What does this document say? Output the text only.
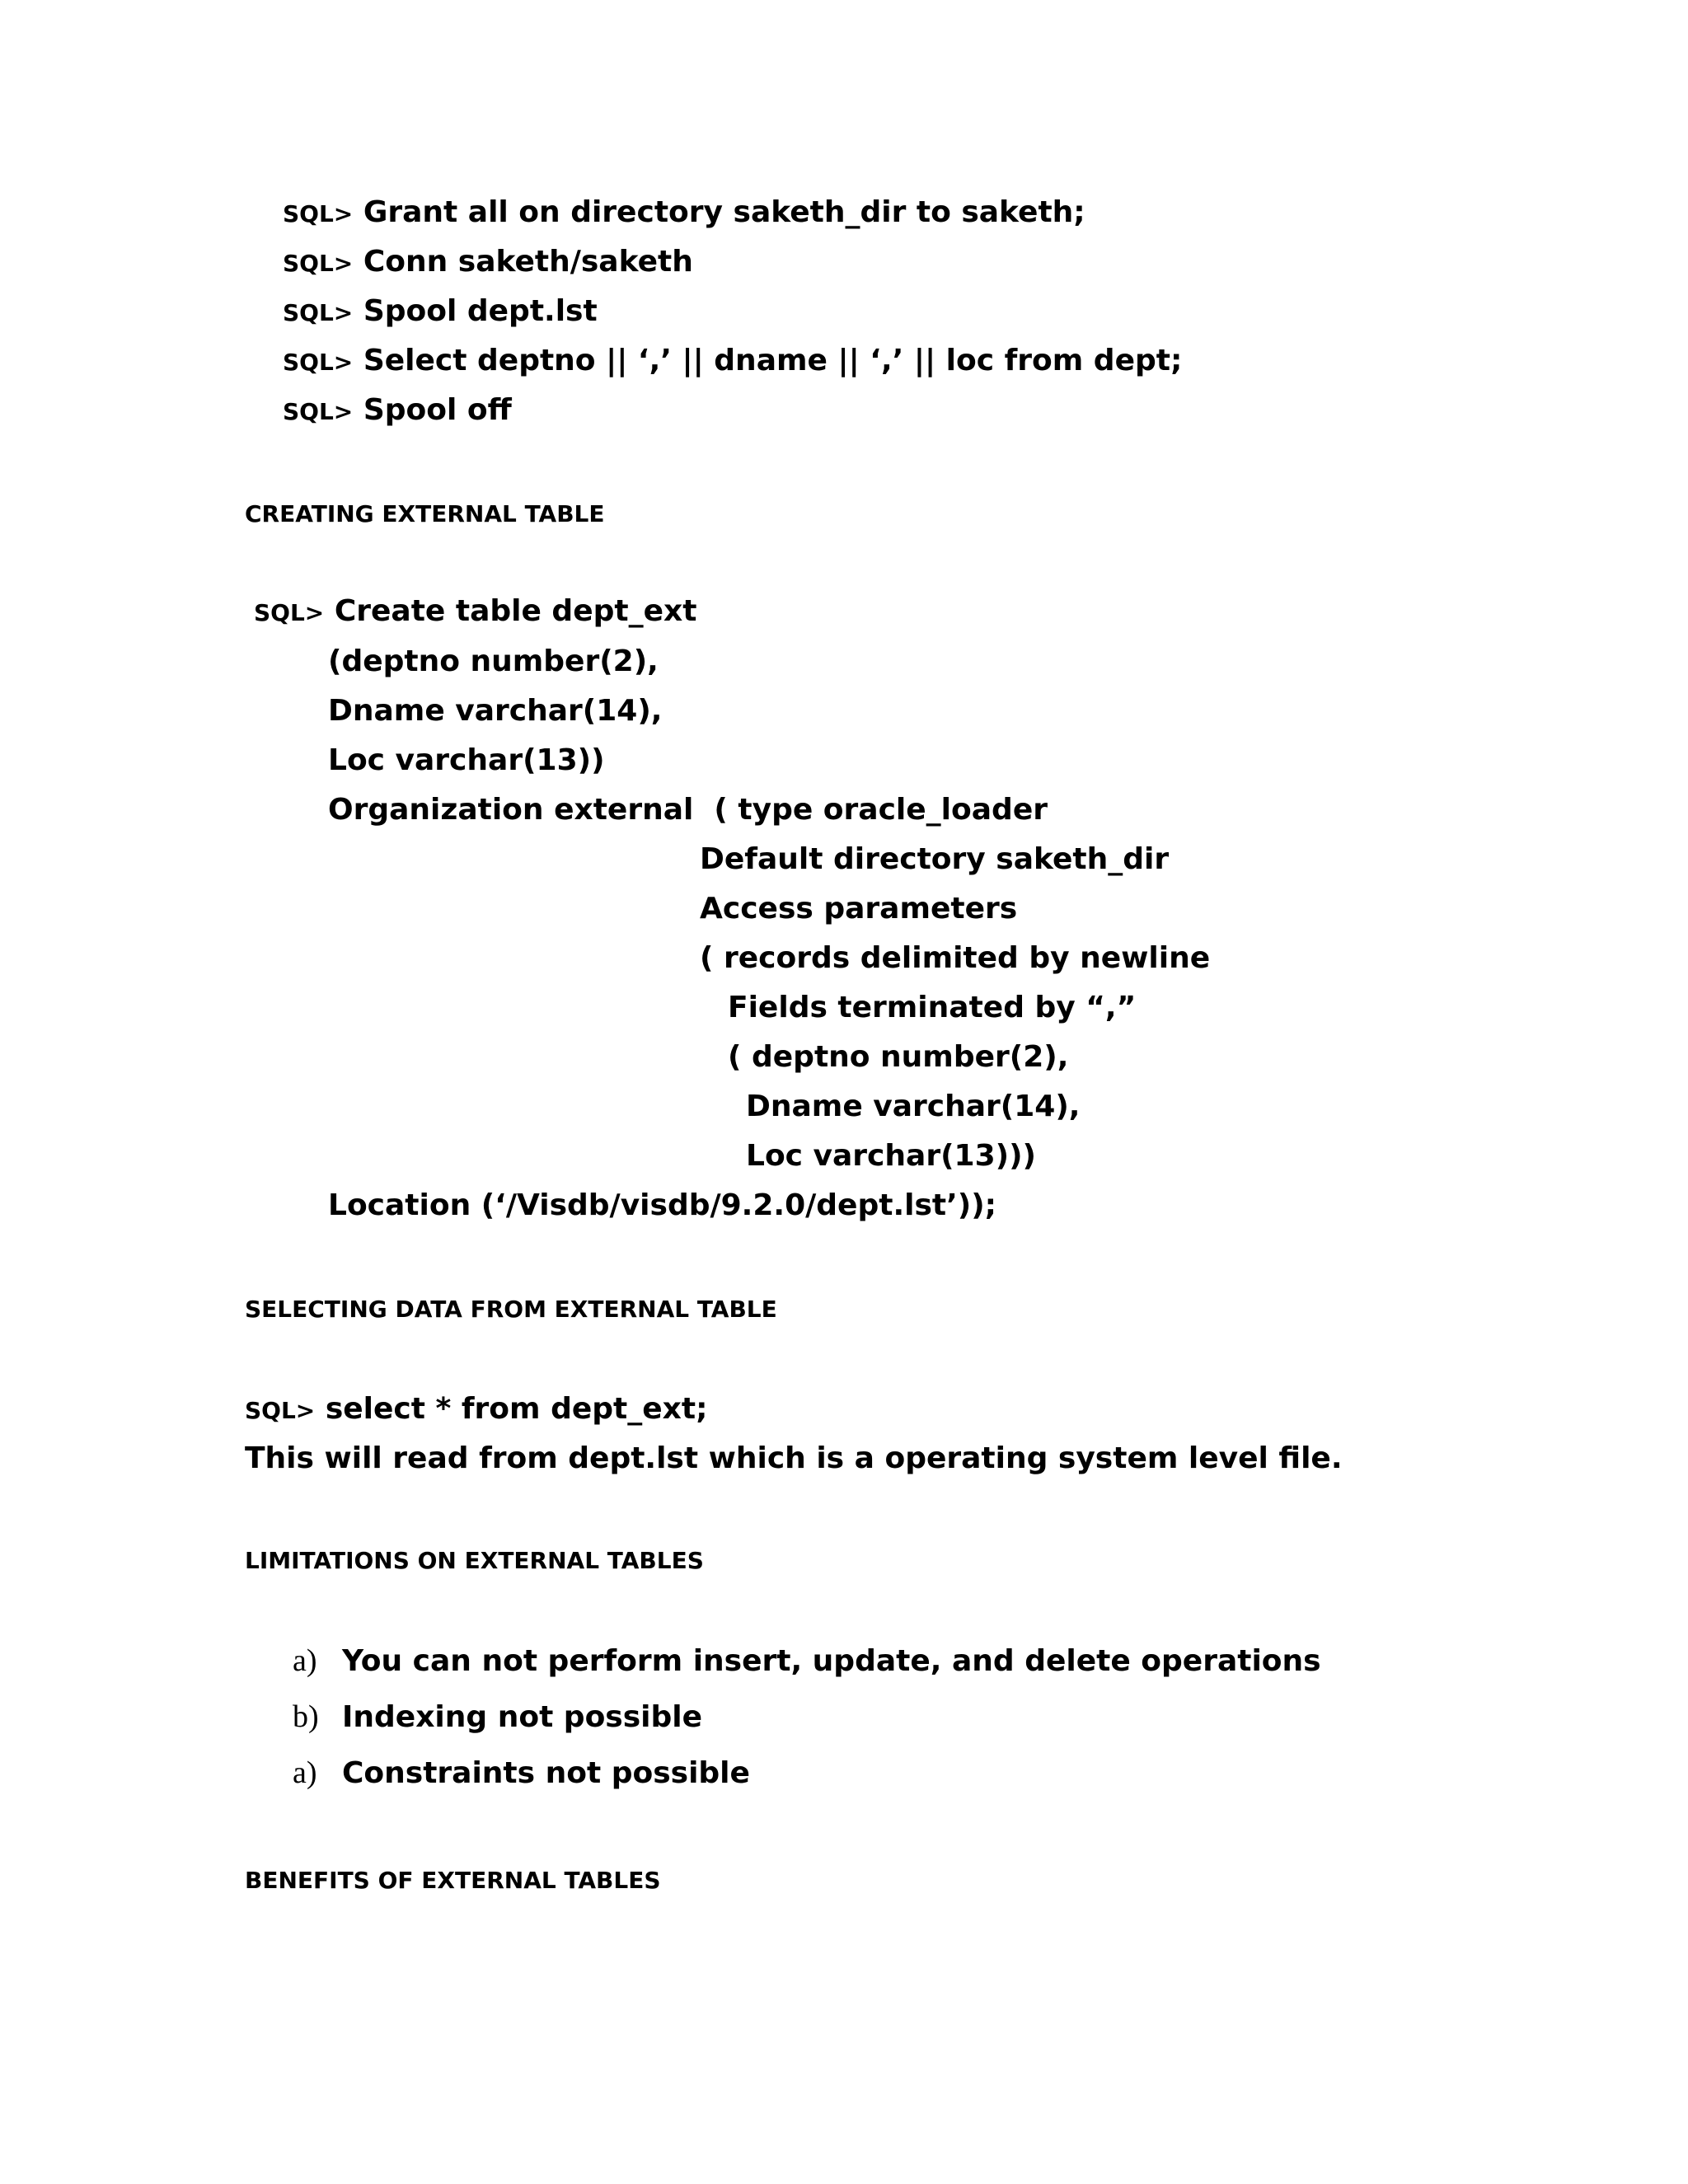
SQL> Grant all on directory saketh_dir to saketh;
SQL> Conn saketh/saketh
SQL> Spool dept.lst
SQL> Select deptno || ‘,’ || dname || ‘,’ || loc from dept;
SQL> Spool off
CREATING EXTERNAL TABLE
SQL> Create table dept_ext
(deptno number(2),
Dname varchar(14),
Loc varchar(13))
Organization external  ( type oracle_loader
Default directory saketh_dir
Access parameters
( records delimited by newline
Fields terminated by “,”
( deptno number(2),
Dname varchar(14),
Loc varchar(13)))
Location (‘/Visdb/visdb/9.2.0/dept.lst’));
SELECTING DATA FROM EXTERNAL TABLE
SQL> select * from dept_ext;
This will read from dept.lst which is a operating system level file.
LIMITATIONS ON EXTERNAL TABLES
a) You can not perform insert, update, and delete operations
b) Indexing not possible
a) Constraints not possible
BENEFITS OF EXTERNAL TABLES
